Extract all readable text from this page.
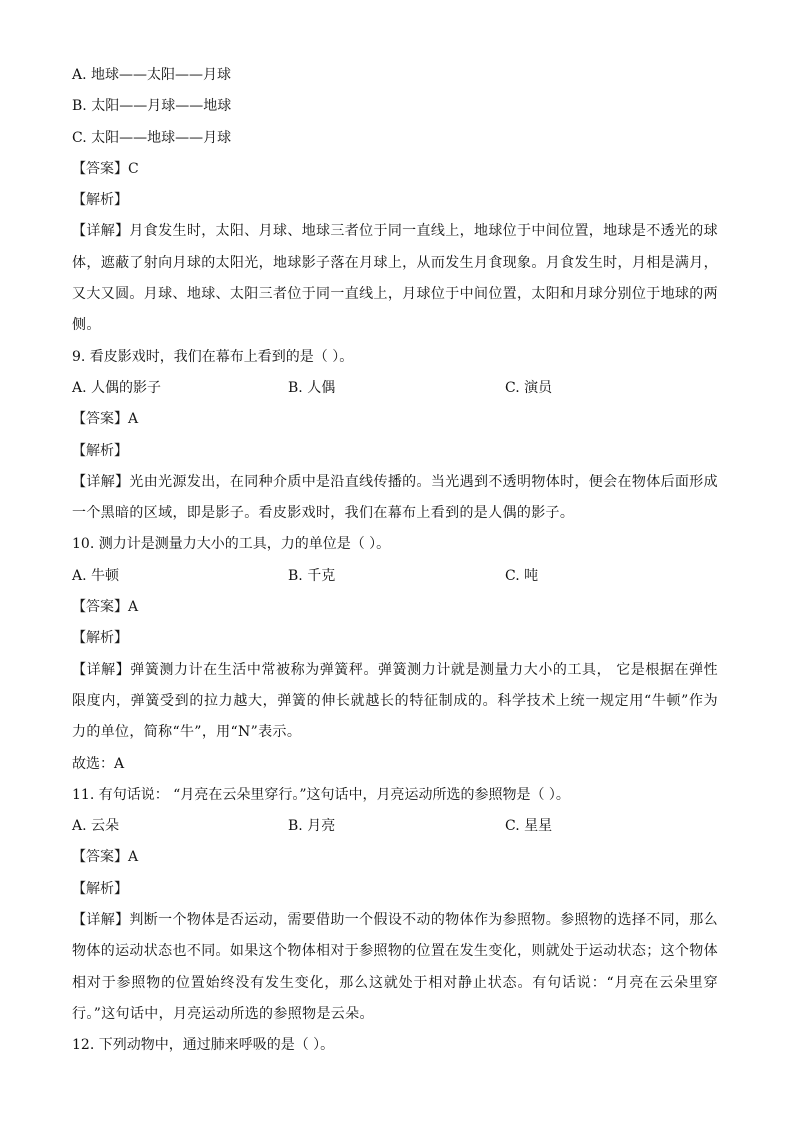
A. 地球——太阳——月球
B. 太阳——月球——地球
C. 太阳——地球——月球
【答案】C
【解析】
【详解】月食发生时，太阳、月球、地球三者位于同一直线上，地球位于中间位置，地球是不透光的球体，遮蔽了射向月球的太阳光，地球影子落在月球上，从而发生月食现象。月食发生时，月相是满月，又大又圆。月球、地球、太阳三者位于同一直线上，月球位于中间位置，太阳和月球分别位于地球的两侧。
9. 看皮影戏时，我们在幕布上看到的是（ ）。
A. 人偶的影子	B. 人偶	C. 演员
【答案】A
【解析】
【详解】光由光源发出，在同种介质中是沿直线传播的。当光遇到不透明物体时，便会在物体后面形成一个黑暗的区域，即是影子。看皮影戏时，我们在幕布上看到的是人偶的影子。
10. 测力计是测量力大小的工具，力的单位是（ ）。
A. 牛顿	B. 千克	C. 吨
【答案】A
【解析】
【详解】弹簧测力计在生活中常被称为弹簧秤。弹簧测力计就是测量力大小的工具， 它是根据在弹性限度内，弹簧受到的拉力越大，弹簧的伸长就越长的特征制成的。科学技术上统一规定用“牛顿”作为力的单位，简称“牛”，用“N”表示。
故选：A
11. 有句话说： “月亮在云朵里穿行。”这句话中，月亮运动所选的参照物是（ ）。
A. 云朵	B. 月亮	C. 星星
【答案】A
【解析】
【详解】判断一个物体是否运动，需要借助一个假设不动的物体作为参照物。参照物的选择不同，那么物体的运动状态也不同。如果这个物体相对于参照物的位置在发生变化，则就处于运动状态；这个物体相对于参照物的位置始终没有发生变化，那么这就处于相对静止状态。有句话说：“月亮在云朵里穿行。”这句话中，月亮运动所选的参照物是云朵。
12. 下列动物中，通过肺来呼吸的是（ ）。
